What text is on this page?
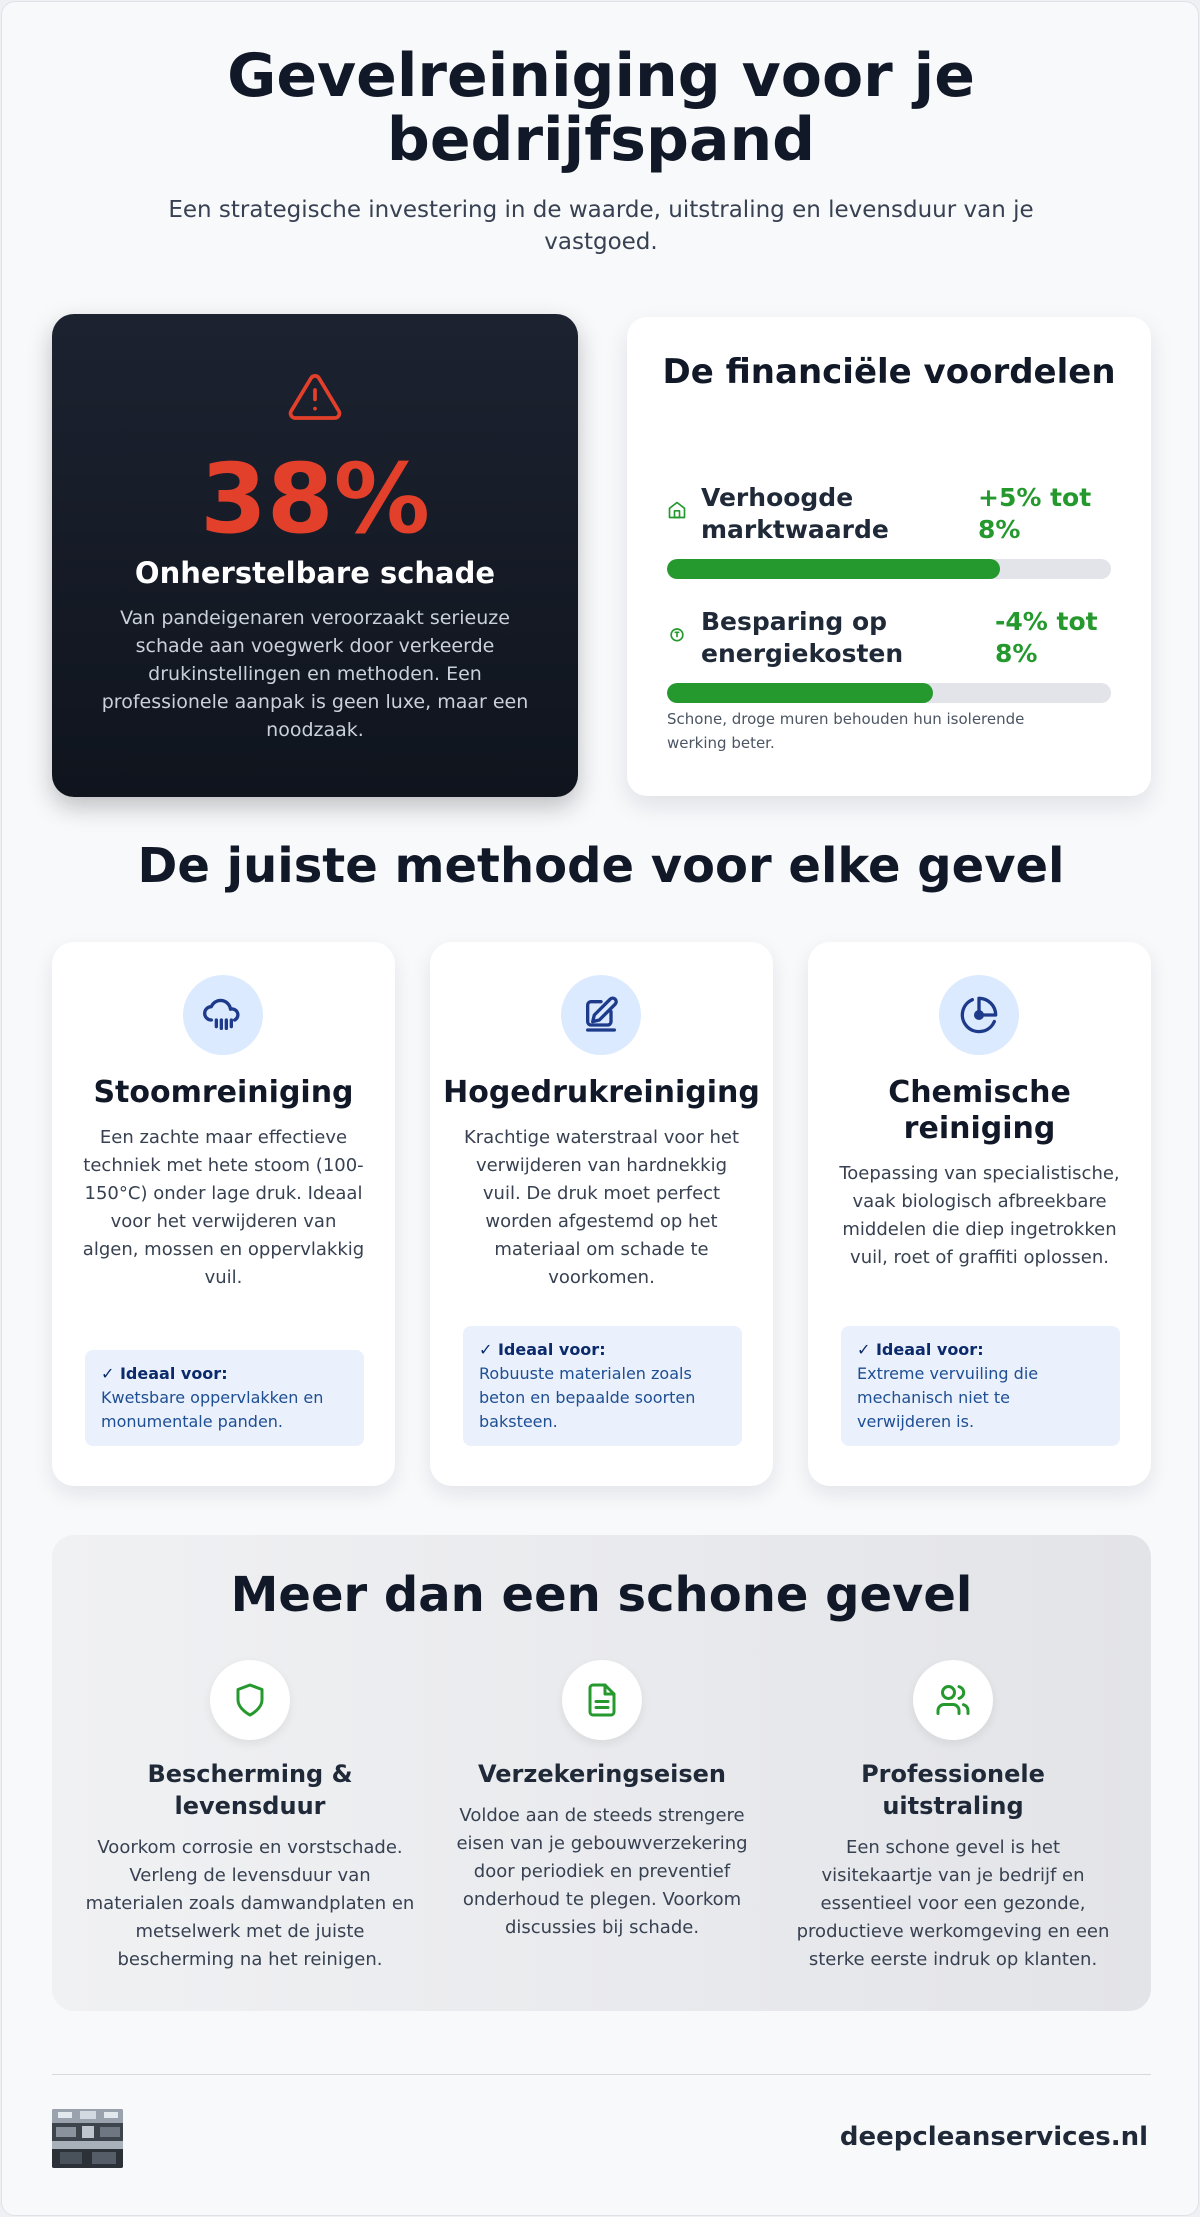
Gevelreiniging voor je bedrijfspand

Een strategische investering in de waarde, uitstraling en levensduur van je vastgoed.

38%
Onherstelbare schade

Van pandeigenaren veroorzaakt serieuze schade aan voegwerk door verkeerde drukinstellingen en methoden. Een professionele aanpak is geen luxe, maar een noodzaak.

De financiële voordelen
Verhoogde marktwaarde
+5% tot 8%
Besparing op energiekosten
-4% tot 8%

Schone, droge muren behouden hun isolerende werking beter.

De juiste methode voor elke gevel
Stoomreiniging

Een zachte maar effectieve techniek met hete stoom (100-150°C) onder lage druk. Ideaal voor het verwijderen van algen, mossen en oppervlakkig vuil.

✓ Ideaal voor:
Kwetsbare oppervlakken en monumentale panden.
Hogedrukreiniging

Krachtige waterstraal voor het verwijderen van hardnekkig vuil. De druk moet perfect worden afgestemd op het materiaal om schade te voorkomen.

✓ Ideaal voor:
Robuuste materialen zoals beton en bepaalde soorten baksteen.
Chemische reiniging

Toepassing van specialistische, vaak biologisch afbreekbare middelen die diep ingetrokken vuil, roet of graffiti oplossen.

✓ Ideaal voor:
Extreme vervuiling die mechanisch niet te verwijderen is.
Meer dan een schone gevel
Bescherming & levensduur

Voorkom corrosie en vorstschade. Verleng de levensduur van materialen zoals damwandplaten en metselwerk met de juiste bescherming na het reinigen.

Verzekeringseisen

Voldoe aan de steeds strengere eisen van je gebouwverzekering door periodiek en preventief onderhoud te plegen. Voorkom discussies bij schade.

Professionele uitstraling

Een schone gevel is het visitekaartje van je bedrijf en essentieel voor een gezonde, productieve werkomgeving en een sterke eerste indruk op klanten.

deepcleanservices.nl
